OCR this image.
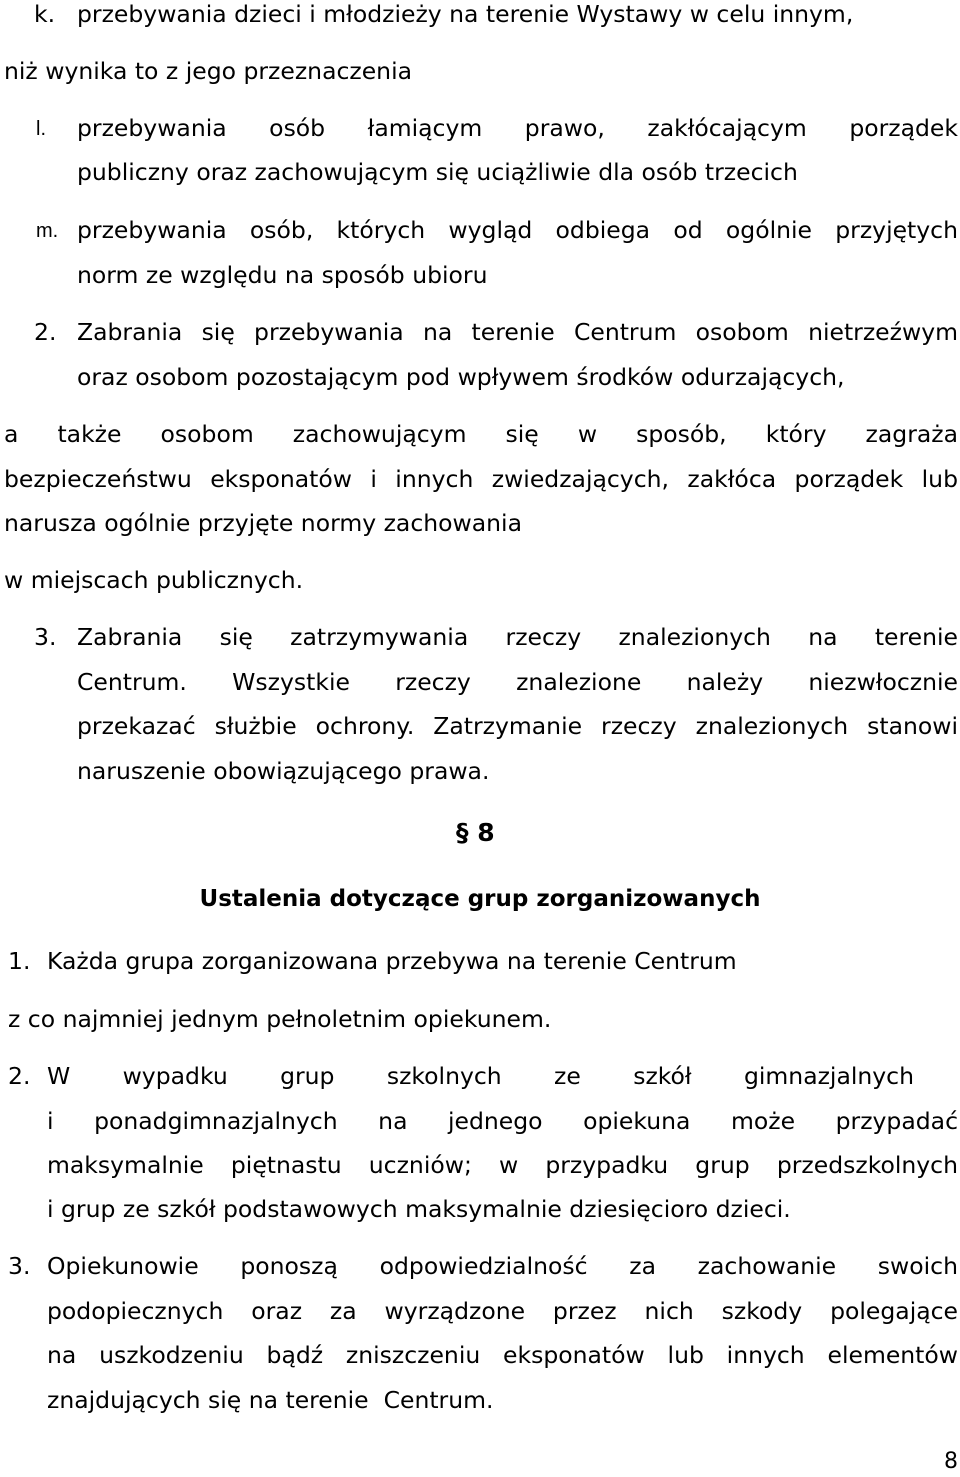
k. przebywania dzieci i młodzieży na terenie Wystawy w celu innym,
niż wynika to z jego przeznaczenia
l. przebywania osób łamiącym prawo, zakłócającym porządek
publiczny oraz zachowującym się uciążliwie dla osób trzecich
m. przebywania osób, których wygląd odbiega od ogólnie przyjętych
norm ze względu na sposób ubioru
2. Zabrania się przebywania na terenie Centrum osobom nietrzeźwym
oraz osobom pozostającym pod wpływem środków odurzających,
a także osobom zachowującym się w sposób, który zagraża
bezpieczeństwu eksponatów i innych zwiedzających, zakłóca porządek lub
narusza ogólnie przyjęte normy zachowania
w miejscach publicznych.
3. Zabrania się zatrzymywania rzeczy znalezionych na terenie
Centrum. Wszystkie rzeczy znalezione należy niezwłocznie
przekazać służbie ochrony. Zatrzymanie rzeczy znalezionych stanowi
naruszenie obowiązującego prawa.
§ 8
Ustalenia dotyczące grup zorganizowanych
1. Każda grupa zorganizowana przebywa na terenie Centrum
z co najmniej jednym pełnoletnim opiekunem.
2. W wypadku grup szkolnych ze szkół gimnazjalnych
i ponadgimnazjalnych na jednego opiekuna może przypadać
maksymalnie piętnastu uczniów; w przypadku grup przedszkolnych
i grup ze szkół podstawowych maksymalnie dziesięcioro dzieci.
3. Opiekunowie ponoszą odpowiedzialność za zachowanie swoich
podopiecznych oraz za wyrządzone przez nich szkody polegające
na uszkodzeniu bądź zniszczeniu eksponatów lub innych elementów
znajdujących się na terenie  Centrum.
8
